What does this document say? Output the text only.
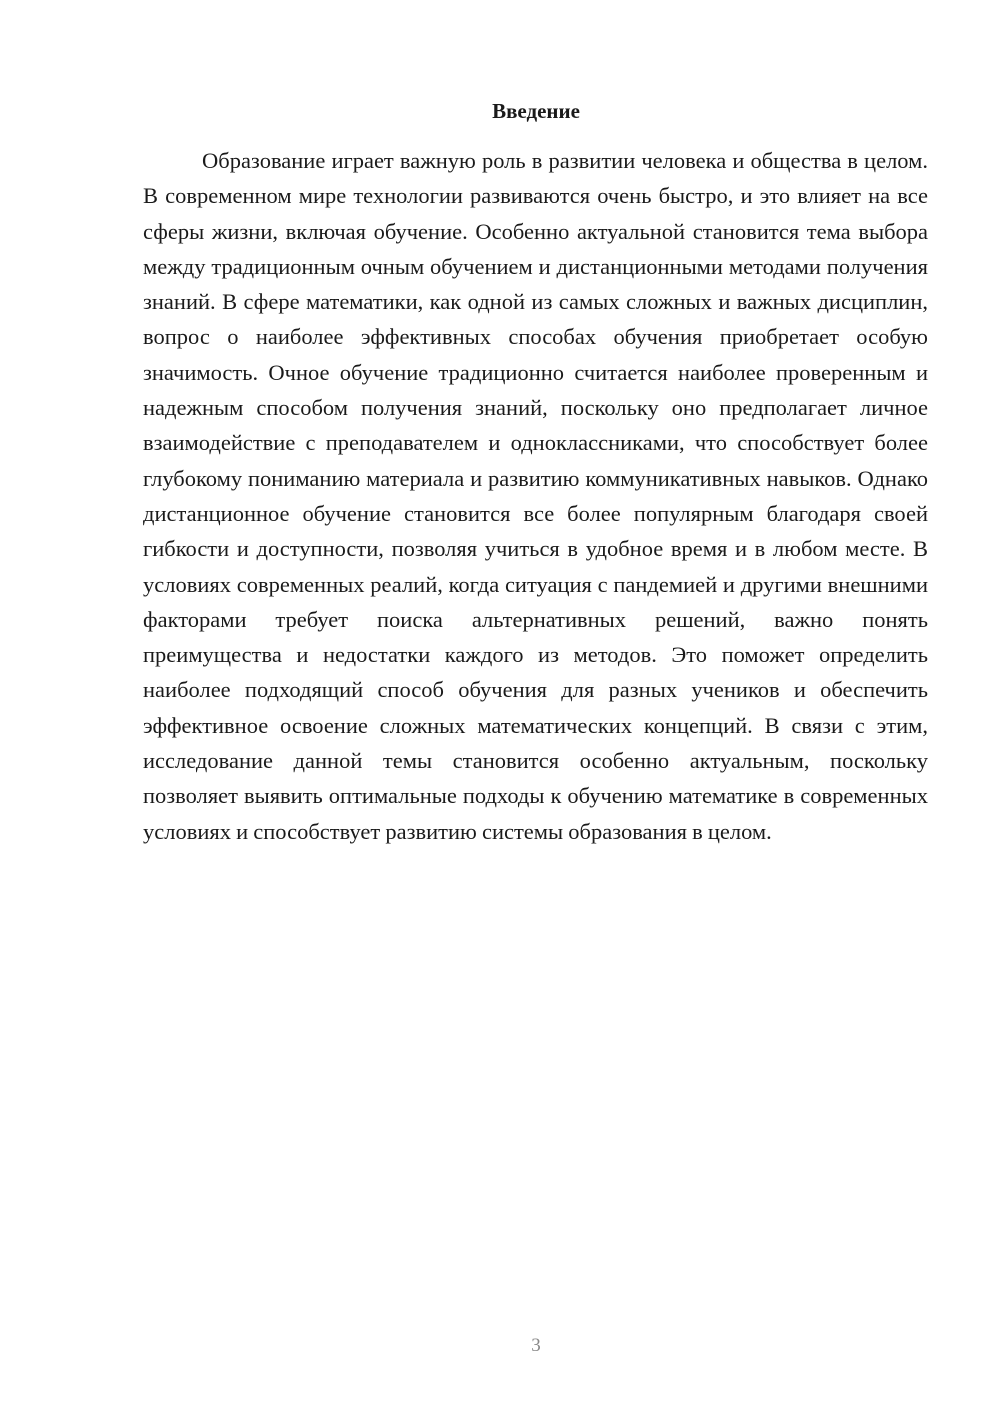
Введение

Образование играет важную роль в развитии человека и общества в целом. В современном мире технологии развиваются очень быстро, и это влияет на все сферы жизни, включая обучение. Особенно актуальной становится тема выбора между традиционным очным обучением и дистанционными методами получения знаний. В сфере математики, как одной из самых сложных и важных дисциплин, вопрос о наиболее эффективных способах обучения приобретает особую значимость. Очное обучение традиционно считается наиболее проверенным и надежным способом получения знаний, поскольку оно предполагает личное взаимодействие с преподавателем и одноклассниками, что способствует более глубокому пониманию материала и развитию коммуникативных навыков. Однако дистанционное обучение становится все более популярным благодаря своей гибкости и доступности, позволяя учиться в удобное время и в любом месте. В условиях современных реалий, когда ситуация с пандемией и другими внешними факторами требует поиска альтернативных решений, важно понять преимущества и недостатки каждого из методов. Это поможет определить наиболее подходящий способ обучения для разных учеников и обеспечить эффективное освоение сложных математических концепций. В связи с этим, исследование данной темы становится особенно актуальным, поскольку позволяет выявить оптимальные подходы к обучению математике в современных условиях и способствует развитию системы образования в целом.

3
